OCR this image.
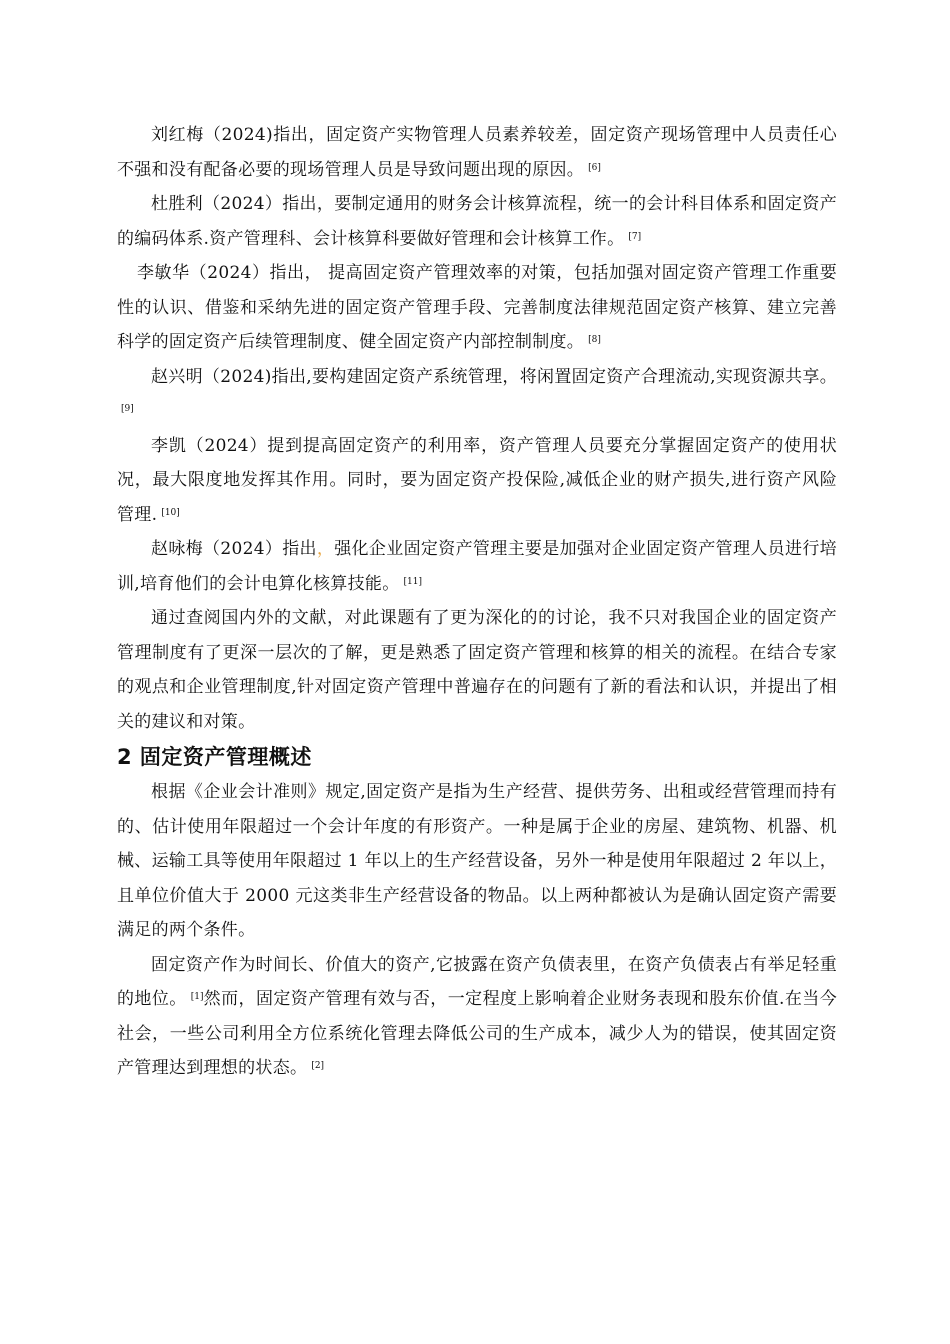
刘红梅（2024)指出，固定资产实物管理人员素养较差，固定资产现场管理中人员责任心不强和没有配备必要的现场管理人员是导致问题出现的原因。 [6]

杜胜利（2024）指出，要制定通用的财务会计核算流程，统一的会计科目体系和固定资产的编码体系.资产管理科、会计核算科要做好管理和会计核算工作。 [7]

李敏华（2024）指出， 提高固定资产管理效率的对策，包括加强对固定资产管理工作重要性的认识、借鉴和采纳先进的固定资产管理手段、完善制度法律规范固定资产核算、建立完善科学的固定资产后续管理制度、健全固定资产内部控制制度。 [8]

赵兴明（2024)指出,要构建固定资产系统管理，将闲置固定资产合理流动,实现资源共享。[9]

李凯（2024）提到提高固定资产的利用率，资产管理人员要充分掌握固定资产的使用状况，最大限度地发挥其作用。同时，要为固定资产投保险,减低企业的财产损失,进行资产风险管理. [10]

赵咏梅（2024）指出，强化企业固定资产管理主要是加强对企业固定资产管理人员进行培训,培育他们的会计电算化核算技能。 [11]

通过查阅国内外的文献，对此课题有了更为深化的的讨论，我不只对我国企业的固定资产管理制度有了更深一层次的了解，更是熟悉了固定资产管理和核算的相关的流程。在结合专家的观点和企业管理制度,针对固定资产管理中普遍存在的问题有了新的看法和认识，并提出了相关的建议和对策。

2 固定资产管理概述

根据《企业会计准则》规定,固定资产是指为生产经营、提供劳务、出租或经营管理而持有的、估计使用年限超过一个会计年度的有形资产。一种是属于企业的房屋、建筑物、机器、机械、运输工具等使用年限超过 1 年以上的生产经营设备，另外一种是使用年限超过 2 年以上，且单位价值大于 2000 元这类非生产经营设备的物品。以上两种都被认为是确认固定资产需要满足的两个条件。

固定资产作为时间长、价值大的资产,它披露在资产负债表里，在资产负债表占有举足轻重的地位。 [1]然而，固定资产管理有效与否，一定程度上影响着企业财务表现和股东价值.在当今社会，一些公司利用全方位系统化管理去降低公司的生产成本，减少人为的错误，使其固定资产管理达到理想的状态。 [2]
